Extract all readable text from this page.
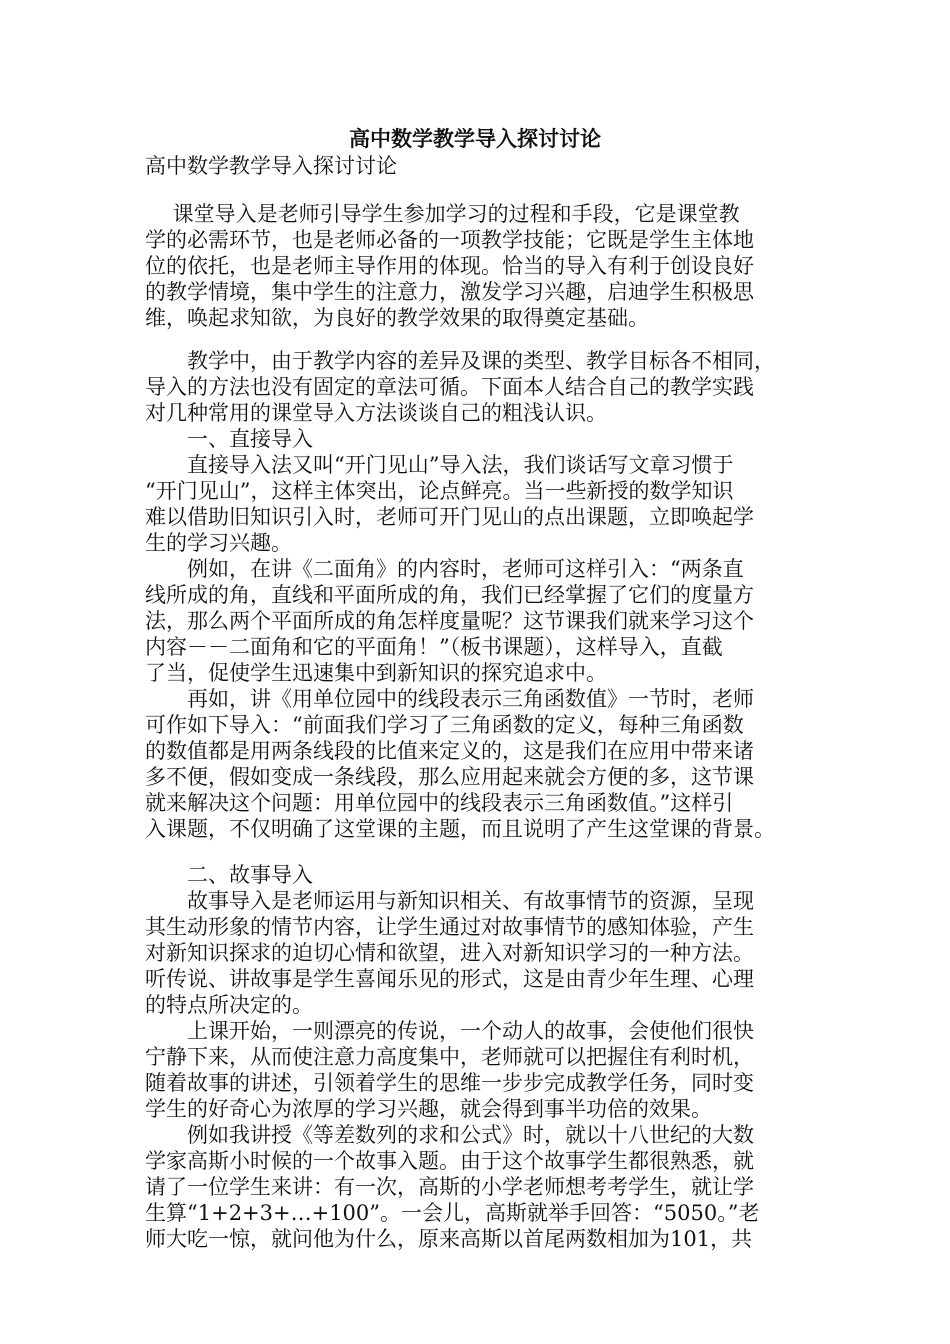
高中数学教学导入探讨讨论
高中数学教学导入探讨讨论
　 课堂导入是老师引导学生参加学习的过程和手段，它是课堂教
学的必需环节，也是老师必备的一项教学技能；它既是学生主体地
位的依托，也是老师主导作用的体现。恰当的导入有利于创设良好
的教学情境，集中学生的注意力，激发学习兴趣，启迪学生积极思
维，唤起求知欲，为良好的教学效果的取得奠定基础。
　　教学中，由于教学内容的差异及课的类型、教学目标各不相同，
导入的方法也没有固定的章法可循。下面本人结合自己的教学实践
对几种常用的课堂导入方法谈谈自己的粗浅认识。
　　一、直接导入
　　直接导入法又叫“开门见山”导入法，我们谈话写文章习惯于
“开门见山”，这样主体突出，论点鲜亮。当一些新授的数学知识
难以借助旧知识引入时，老师可开门见山的点出课题，立即唤起学
生的学习兴趣。
　　例如，在讲《二面角》的内容时，老师可这样引入：“两条直
线所成的角，直线和平面所成的角，我们已经掌握了它们的度量方
法，那么两个平面所成的角怎样度量呢？这节课我们就来学习这个
内容－－二面角和它的平面角！”（板书课题），这样导入，直截
了当，促使学生迅速集中到新知识的探究追求中。
　　再如，讲《用单位园中的线段表示三角函数值》一节时，老师
可作如下导入：“前面我们学习了三角函数的定义，每种三角函数
的数值都是用两条线段的比值来定义的，这是我们在应用中带来诸
多不便，假如变成一条线段，那么应用起来就会方便的多，这节课
就来解决这个问题：用单位园中的线段表示三角函数值。”这样引
入课题，不仅明确了这堂课的主题，而且说明了产生这堂课的背景。
　　二、故事导入
　　故事导入是老师运用与新知识相关、有故事情节的资源，呈现
其生动形象的情节内容，让学生通过对故事情节的感知体验，产生
对新知识探求的迫切心情和欲望，进入对新知识学习的一种方法。
听传说、讲故事是学生喜闻乐见的形式，这是由青少年生理、心理
的特点所决定的。
　　上课开始，一则漂亮的传说，一个动人的故事，会使他们很快
宁静下来，从而使注意力高度集中，老师就可以把握住有利时机，
随着故事的讲述，引领着学生的思维一步步完成教学任务，同时变
学生的好奇心为浓厚的学习兴趣，就会得到事半功倍的效果。
　　例如我讲授《等差数列的求和公式》时，就以十八世纪的大数
学家高斯小时候的一个故事入题。由于这个故事学生都很熟悉，就
请了一位学生来讲：有一次，高斯的小学老师想考考学生，就让学
生算“1+2+3+…+100”。一会儿，高斯就举手回答：“5050。”老
师大吃一惊，就问他为什么，原来高斯以首尾两数相加为101，共
